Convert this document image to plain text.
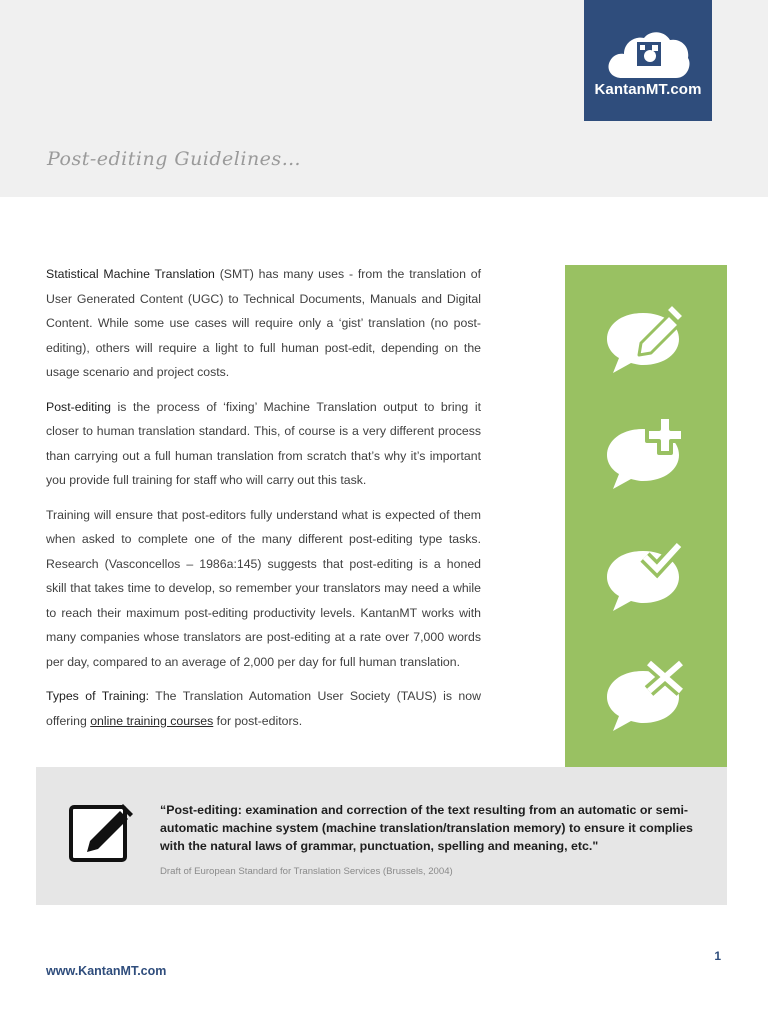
KantanMT.com
Post-editing Guidelines…

Statistical Machine Translation (SMT) has many uses - from the translation of User Generated Content (UGC) to Technical Documents, Manuals and Digital Content. While some use cases will require only a ‘gist’ translation (no post-editing), others will require a light to full human post-edit, depending on the usage scenario and project costs.

Post-editing is the process of ‘fixing’ Machine Translation output to bring it closer to human translation standard. This, of course is a very different process than carrying out a full human translation from scratch that’s why it’s important you provide full training for staff who will carry out this task.

Training will ensure that post-editors fully understand what is expected of them when asked to complete one of the many different post-editing type tasks. Research (Vasconcellos – 1986a:145) suggests that post-editing is a honed skill that takes time to develop, so remember your translators may need a while to reach their maximum post-editing productivity levels. KantanMT works with many companies whose translators are post-editing at a rate over 7,000 words per day, compared to an average of 2,000 per day for full human translation.

Types of Training: The Translation Automation User Society (TAUS) is now offering online training courses for post-editors.

“Post-editing: examination and correction of the text resulting from an automatic or semi-automatic machine system (machine translation/translation memory) to ensure it complies with the natural laws of grammar, punctuation, spelling and meaning, etc."
Draft of European Standard for Translation Services (Brussels, 2004)
1
www.KantanMT.com
